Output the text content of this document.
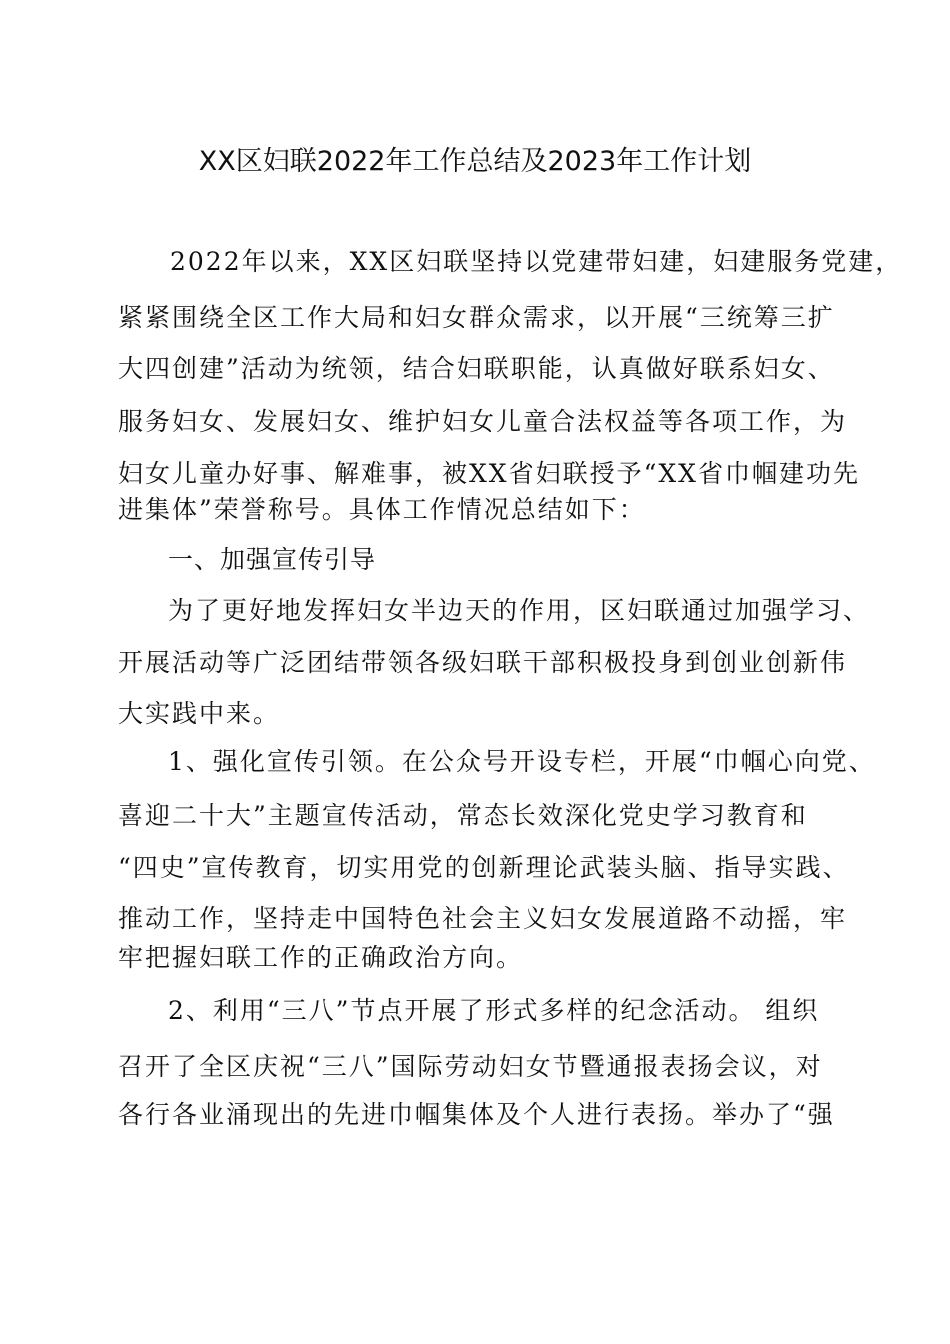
XX区妇联2022年工作总结及2023年工作计划
2022年以来，XX区妇联坚持以党建带妇建，妇建服务党建，
紧紧围绕全区工作大局和妇女群众需求，以开展“三统筹三扩
大四创建”活动为统领，结合妇联职能，认真做好联系妇女、
服务妇女、发展妇女、维护妇女儿童合法权益等各项工作，为
妇女儿童办好事、解难事，被XX省妇联授予“XX省巾帼建功先
进集体”荣誉称号。具体工作情况总结如下：
一、加强宣传引导
为了更好地发挥妇女半边天的作用，区妇联通过加强学习、
开展活动等广泛团结带领各级妇联干部积极投身到创业创新伟
大实践中来。
1、强化宣传引领。在公众号开设专栏，开展“巾帼心向党、
喜迎二十大”主题宣传活动，常态长效深化党史学习教育和
“四史”宣传教育，切实用党的创新理论武装头脑、指导实践、
推动工作，坚持走中国特色社会主义妇女发展道路不动摇，牢
牢把握妇联工作的正确政治方向。
2、利用“三八”节点开展了形式多样的纪念活动。 组织
召开了全区庆祝“三八”国际劳动妇女节暨通报表扬会议，对
各行各业涌现出的先进巾帼集体及个人进行表扬。举办了“强
